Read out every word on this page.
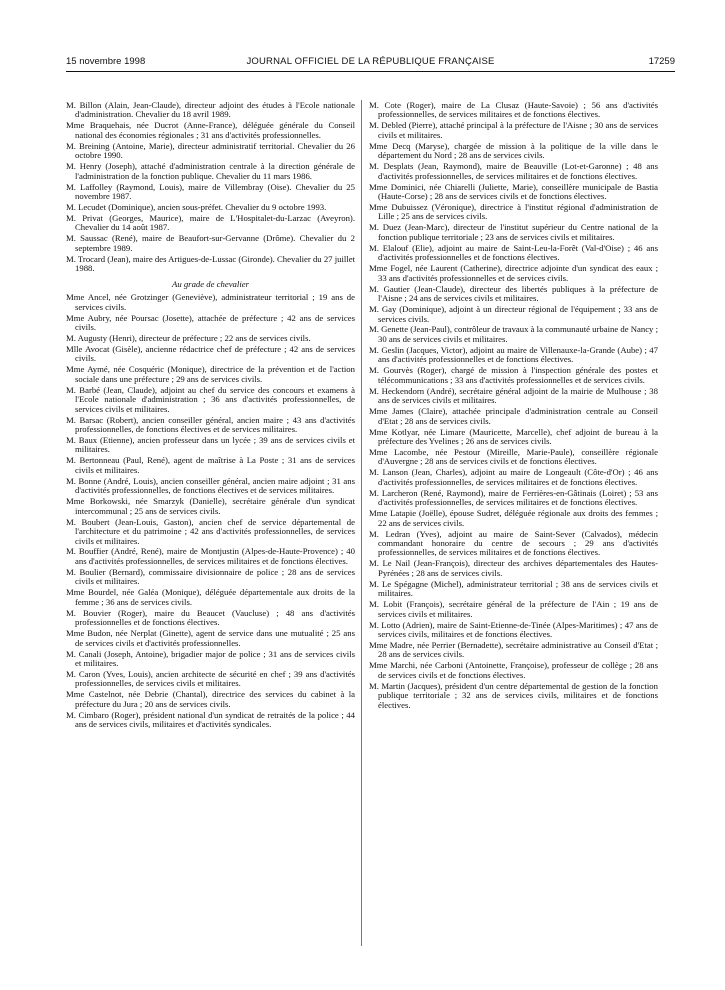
15 novembre 1998	JOURNAL OFFICIEL DE LA RÉPUBLIQUE FRANÇAISE	17259

M. Billon (Alain, Jean-Claude), directeur adjoint des études à l'Ecole nationale d'administration. Chevalier du 18 avril 1989.

Mme Braquehais, née Ducrot (Anne-France), déléguée générale du Conseil national des économies régionales ; 31 ans d'activités professionnelles.

M. Breining (Antoine, Marie), directeur administratif territorial. Chevalier du 26 octobre 1990.

M. Henry (Joseph), attaché d'administration centrale à la direction générale de l'administration de la fonction publique. Chevalier du 11 mars 1986.

M. Laffolley (Raymond, Louis), maire de Villembray (Oise). Chevalier du 25 novembre 1987.

M. Lecudet (Dominique), ancien sous-préfet. Chevalier du 9 octobre 1993.

M. Privat (Georges, Maurice), maire de L'Hospitalet-du-Larzac (Aveyron). Chevalier du 14 août 1987.

M. Saussac (René), maire de Beaufort-sur-Gervanne (Drôme). Chevalier du 2 septembre 1989.

M. Trocard (Jean), maire des Artigues-de-Lussac (Gironde). Chevalier du 27 juillet 1988.

Au grade de chevalier

Mme Ancel, née Grotzinger (Geneviève), administrateur territorial ; 19 ans de services civils.

Mme Aubry, née Poursac (Josette), attachée de préfecture ; 42 ans de services civils.

M. Augusty (Henri), directeur de préfecture ; 22 ans de services civils.

Mlle Avocat (Gisèle), ancienne rédactrice chef de préfecture ; 42 ans de services civils.

Mme Aymé, née Cosquéric (Monique), directrice de la prévention et de l'action sociale dans une préfecture ; 29 ans de services civils.

M. Barbé (Jean, Claude), adjoint au chef du service des concours et examens à l'Ecole nationale d'administration ; 36 ans d'activités professionnelles, de services civils et militaires.

M. Barsac (Robert), ancien conseiller général, ancien maire ; 43 ans d'activités professionnelles, de fonctions électives et de services militaires.

M. Baux (Etienne), ancien professeur dans un lycée ; 39 ans de services civils et militaires.

M. Bertonneau (Paul, René), agent de maîtrise à La Poste ; 31 ans de services civils et militaires.

M. Bonne (André, Louis), ancien conseiller général, ancien maire adjoint ; 31 ans d'activités professionnelles, de fonctions électives et de services militaires.

Mme Borkowski, née Smarzyk (Danielle), secrétaire générale d'un syndicat intercommunal ; 25 ans de services civils.

M. Boubert (Jean-Louis, Gaston), ancien chef de service départemental de l'architecture et du patrimoine ; 42 ans d'activités professionnelles, de services civils et militaires.

M. Bouffier (André, René), maire de Montjustin (Alpes-de-Haute-Provence) ; 40 ans d'activités professionnelles, de services militaires et de fonctions électives.

M. Boulier (Bernard), commissaire divisionnaire de police ; 28 ans de services civils et militaires.

Mme Bourdel, née Galéa (Monique), déléguée départementale aux droits de la femme ; 36 ans de services civils.

M. Bouvier (Roger), maire du Beaucet (Vaucluse) ; 48 ans d'activités professionnelles et de fonctions électives.

Mme Budon, née Nerplat (Ginette), agent de service dans une mutualité ; 25 ans de services civils et d'activités professionnelles.

M. Canali (Joseph, Antoine), brigadier major de police ; 31 ans de services civils et militaires.

M. Caron (Yves, Louis), ancien architecte de sécurité en chef ; 39 ans d'activités professionnelles, de services civils et militaires.

Mme Castelnot, née Debrie (Chantal), directrice des services du cabinet à la préfecture du Jura ; 20 ans de services civils.

M. Cimbaro (Roger), président national d'un syndicat de retraités de la police ; 44 ans de services civils, militaires et d'activités syndicales.

M. Cote (Roger), maire de La Clusaz (Haute-Savoie) ; 56 ans d'activités professionnelles, de services militaires et de fonctions électives.

M. Debled (Pierre), attaché principal à la préfecture de l'Aisne ; 30 ans de services civils et militaires.

Mme Decq (Maryse), chargée de mission à la politique de la ville dans le département du Nord ; 28 ans de services civils.

M. Desplats (Jean, Raymond), maire de Beauville (Lot-et-Garonne) ; 48 ans d'activités professionnelles, de services militaires et de fonctions électives.

Mme Dominici, née Chiarelli (Juliette, Marie), conseillère municipale de Bastia (Haute-Corse) ; 28 ans de services civils et de fonctions électives.

Mme Dubuissez (Véronique), directrice à l'institut régional d'administration de Lille ; 25 ans de services civils.

M. Duez (Jean-Marc), directeur de l'institut supérieur du Centre national de la fonction publique territoriale ; 23 ans de services civils et militaires.

M. Elalouf (Elie), adjoint au maire de Saint-Leu-la-Forêt (Val-d'Oise) ; 46 ans d'activités professionnelles et de fonctions électives.

Mme Fogel, née Laurent (Catherine), directrice adjointe d'un syndicat des eaux ; 33 ans d'activités professionnelles et de services civils.

M. Gautier (Jean-Claude), directeur des libertés publiques à la préfecture de l'Aisne ; 24 ans de services civils et militaires.

M. Gay (Dominique), adjoint à un directeur régional de l'équipement ; 33 ans de services civils.

M. Genette (Jean-Paul), contrôleur de travaux à la communauté urbaine de Nancy ; 30 ans de services civils et militaires.

M. Geslin (Jacques, Victor), adjoint au maire de Villenauxe-la-Grande (Aube) ; 47 ans d'activités professionnelles et de fonctions électives.

M. Gourvès (Roger), chargé de mission à l'inspection générale des postes et télécommunications ; 33 ans d'activités professionnelles et de services civils.

M. Heckendorn (André), secrétaire général adjoint de la mairie de Mulhouse ; 38 ans de services civils et militaires.

Mme James (Claire), attachée principale d'administration centrale au Conseil d'Etat ; 28 ans de services civils.

Mme Kotlyar, née Limare (Mauricette, Marcelle), chef adjoint de bureau à la préfecture des Yvelines ; 26 ans de services civils.

Mme Lacombe, née Pestour (Mireille, Marie-Paule), conseillère régionale d'Auvergne ; 28 ans de services civils et de fonctions électives.

M. Lanson (Jean, Charles), adjoint au maire de Longeault (Côte-d'Or) ; 46 ans d'activités professionnelles, de services militaires et de fonctions électives.

M. Larcheron (René, Raymond), maire de Ferrières-en-Gâtinais (Loiret) ; 53 ans d'activités professionnelles, de services militaires et de fonctions électives.

Mme Latapie (Joëlle), épouse Sudret, déléguée régionale aux droits des femmes ; 22 ans de services civils.

M. Ledran (Yves), adjoint au maire de Saint-Sever (Calvados), médecin commandant honoraire du centre de secours ; 29 ans d'activités professionnelles, de services militaires et de fonctions électives.

M. Le Nail (Jean-François), directeur des archives départementales des Hautes-Pyrénées ; 28 ans de services civils.

M. Le Spégagne (Michel), administrateur territorial ; 38 ans de services civils et militaires.

M. Lobit (François), secrétaire général de la préfecture de l'Ain ; 19 ans de services civils et militaires.

M. Lotto (Adrien), maire de Saint-Etienne-de-Tinée (Alpes-Maritimes) ; 47 ans de services civils, militaires et de fonctions électives.

Mme Madre, née Perrier (Bernadette), secrétaire administrative au Conseil d'Etat ; 28 ans de services civils.

Mme Marchi, née Carboni (Antoinette, Françoise), professeur de collège ; 28 ans de services civils et de fonctions électives.

M. Martin (Jacques), président d'un centre départemental de gestion de la fonction publique territoriale ; 32 ans de services civils, militaires et de fonctions électives.
